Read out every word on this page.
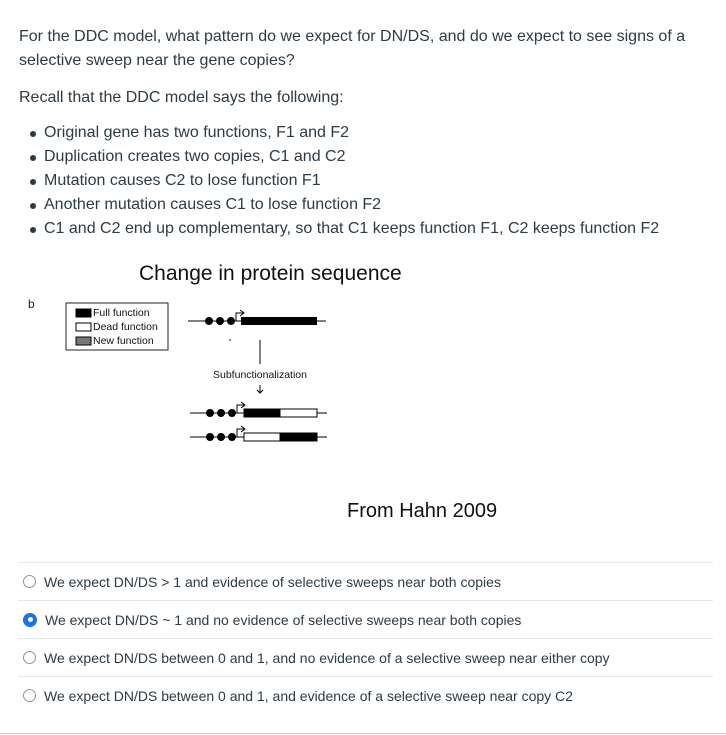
For the DDC model, what pattern do we expect for DN/DS, and do we expect to see signs of a selective sweep near the gene copies?

Recall that the DDC model says the following:

Original gene has two functions, F1 and F2
Duplication creates two copies, C1 and C2
Mutation causes C2 to lose function F1
Another mutation causes C1 to lose function F2
C1 and C2 end up complementary, so that C1 keeps function F1, C2 keeps function F2

Change in protein sequence

b
Full function
Dead function
New function
Subfunctionalization

From Hahn 2009

We expect DN/DS > 1 and evidence of selective sweeps near both copies
We expect DN/DS ~ 1 and no evidence of selective sweeps near both copies
We expect DN/DS between 0 and 1, and no evidence of a selective sweep near either copy
We expect DN/DS between 0 and 1, and evidence of a selective sweep near copy C2
